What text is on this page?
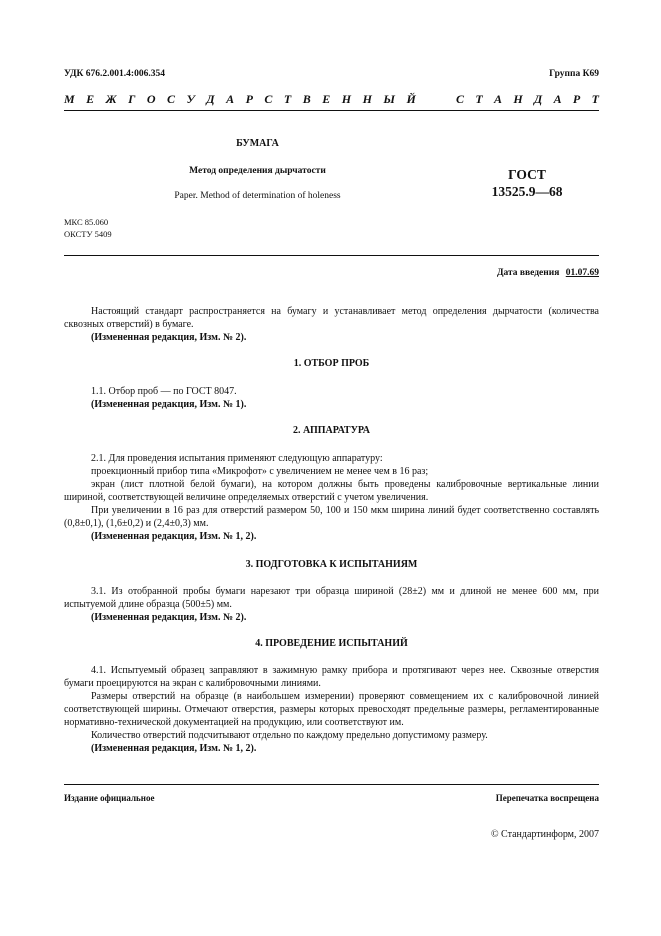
УДК 676.2.001.4:006.354	Группа К69
М Е Ж Г О С У Д А Р С Т В Е Н Н Ы Й	С Т А Н Д А Р Т
БУМАГА
Метод определения дырчатости
Paper. Method of determination of holeness
ГОСТ
13525.9—68
МКС 85.060
ОКСТУ 5409
Дата введения 01.07.69

Настоящий стандарт распространяется на бумагу и устанавливает метод определения дырчатости (количества сквозных отверстий) в бумаге.

(Измененная редакция, Изм. № 2).

1. ОТБОР ПРОБ

1.1. Отбор проб — по ГОСТ 8047.

(Измененная редакция, Изм. № 1).

2. АППАРАТУРА

2.1. Для проведения испытания применяют следующую аппаратуру:

проекционный прибор типа «Микрофот» с увеличением не менее чем в 16 раз;

экран (лист плотной белой бумаги), на котором должны быть проведены калибровочные вертикальные линии шириной, соответствующей величине определяемых отверстий с учетом увеличения.

При увеличении в 16 раз для отверстий размером 50, 100 и 150 мкм ширина линий будет соответственно составлять (0,8±0,1), (1,6±0,2) и (2,4±0,3) мм.

(Измененная редакция, Изм. № 1, 2).

3. ПОДГОТОВКА К ИСПЫТАНИЯМ

3.1. Из отобранной пробы бумаги нарезают три образца шириной (28±2) мм и длиной не менее 600 мм, при испытуемой длине образца (500±5) мм.

(Измененная редакция, Изм. № 2).

4. ПРОВЕДЕНИЕ ИСПЫТАНИЙ

4.1. Испытуемый образец заправляют в зажимную рамку прибора и протягивают через нее. Сквозные отверстия бумаги проецируются на экран с калибровочными линиями.

Размеры отверстий на образце (в наибольшем измерении) проверяют совмещением их с калибровочной линией соответствующей ширины. Отмечают отверстия, размеры которых превосходят предельные размеры, регламентированные нормативно-технической документацией на продукцию, или соответствуют им.

Количество отверстий подсчитывают отдельно по каждому предельно допустимому размеру.

(Измененная редакция, Изм. № 1, 2).

Издание официальное	Перепечатка воспрещена
© Стандартинформ, 2007
